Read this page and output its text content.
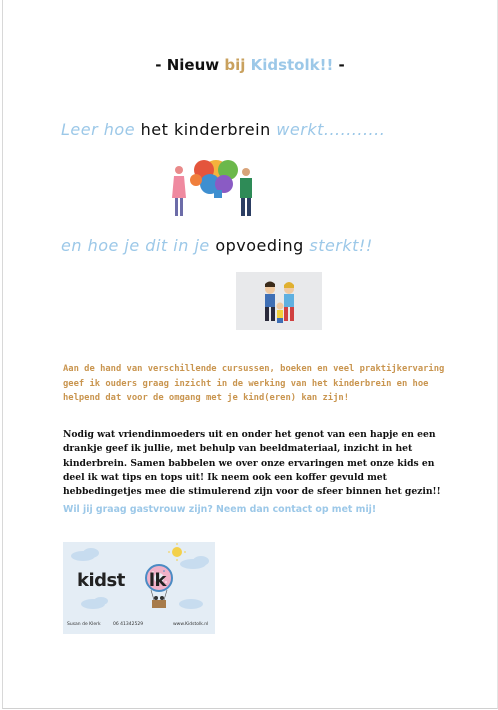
- Nieuw bij Kidstolk!! -
Leer hoe het kinderbrein werkt...........
en hoe je dit in je opvoeding sterkt!!
Aan de hand van verschillende cursussen, boeken en veel praktijkervaring geef ik ouders graag inzicht in de werking van het kinderbrein en hoe helpend dat voor de omgang met je kind(eren) kan zijn!
Nodig wat vriendinmoeders uit en onder het genot van een hapje en een drankje geef ik jullie, met behulp van beeldmateriaal, inzicht in het kinderbrein. Samen babbelen we over onze ervaringen met onze kids en deel ik wat tips en tops uit! Ik neem ook een koffer gevuld met hebbedingetjes mee die stimulerend zijn voor de sfeer binnen het gezin!!
Wil jij graag gastvrouw zijn? Neem dan contact op met mij!
kidst lk
Susan de Klerk	06 41342529	www.Kidstolk.nl
